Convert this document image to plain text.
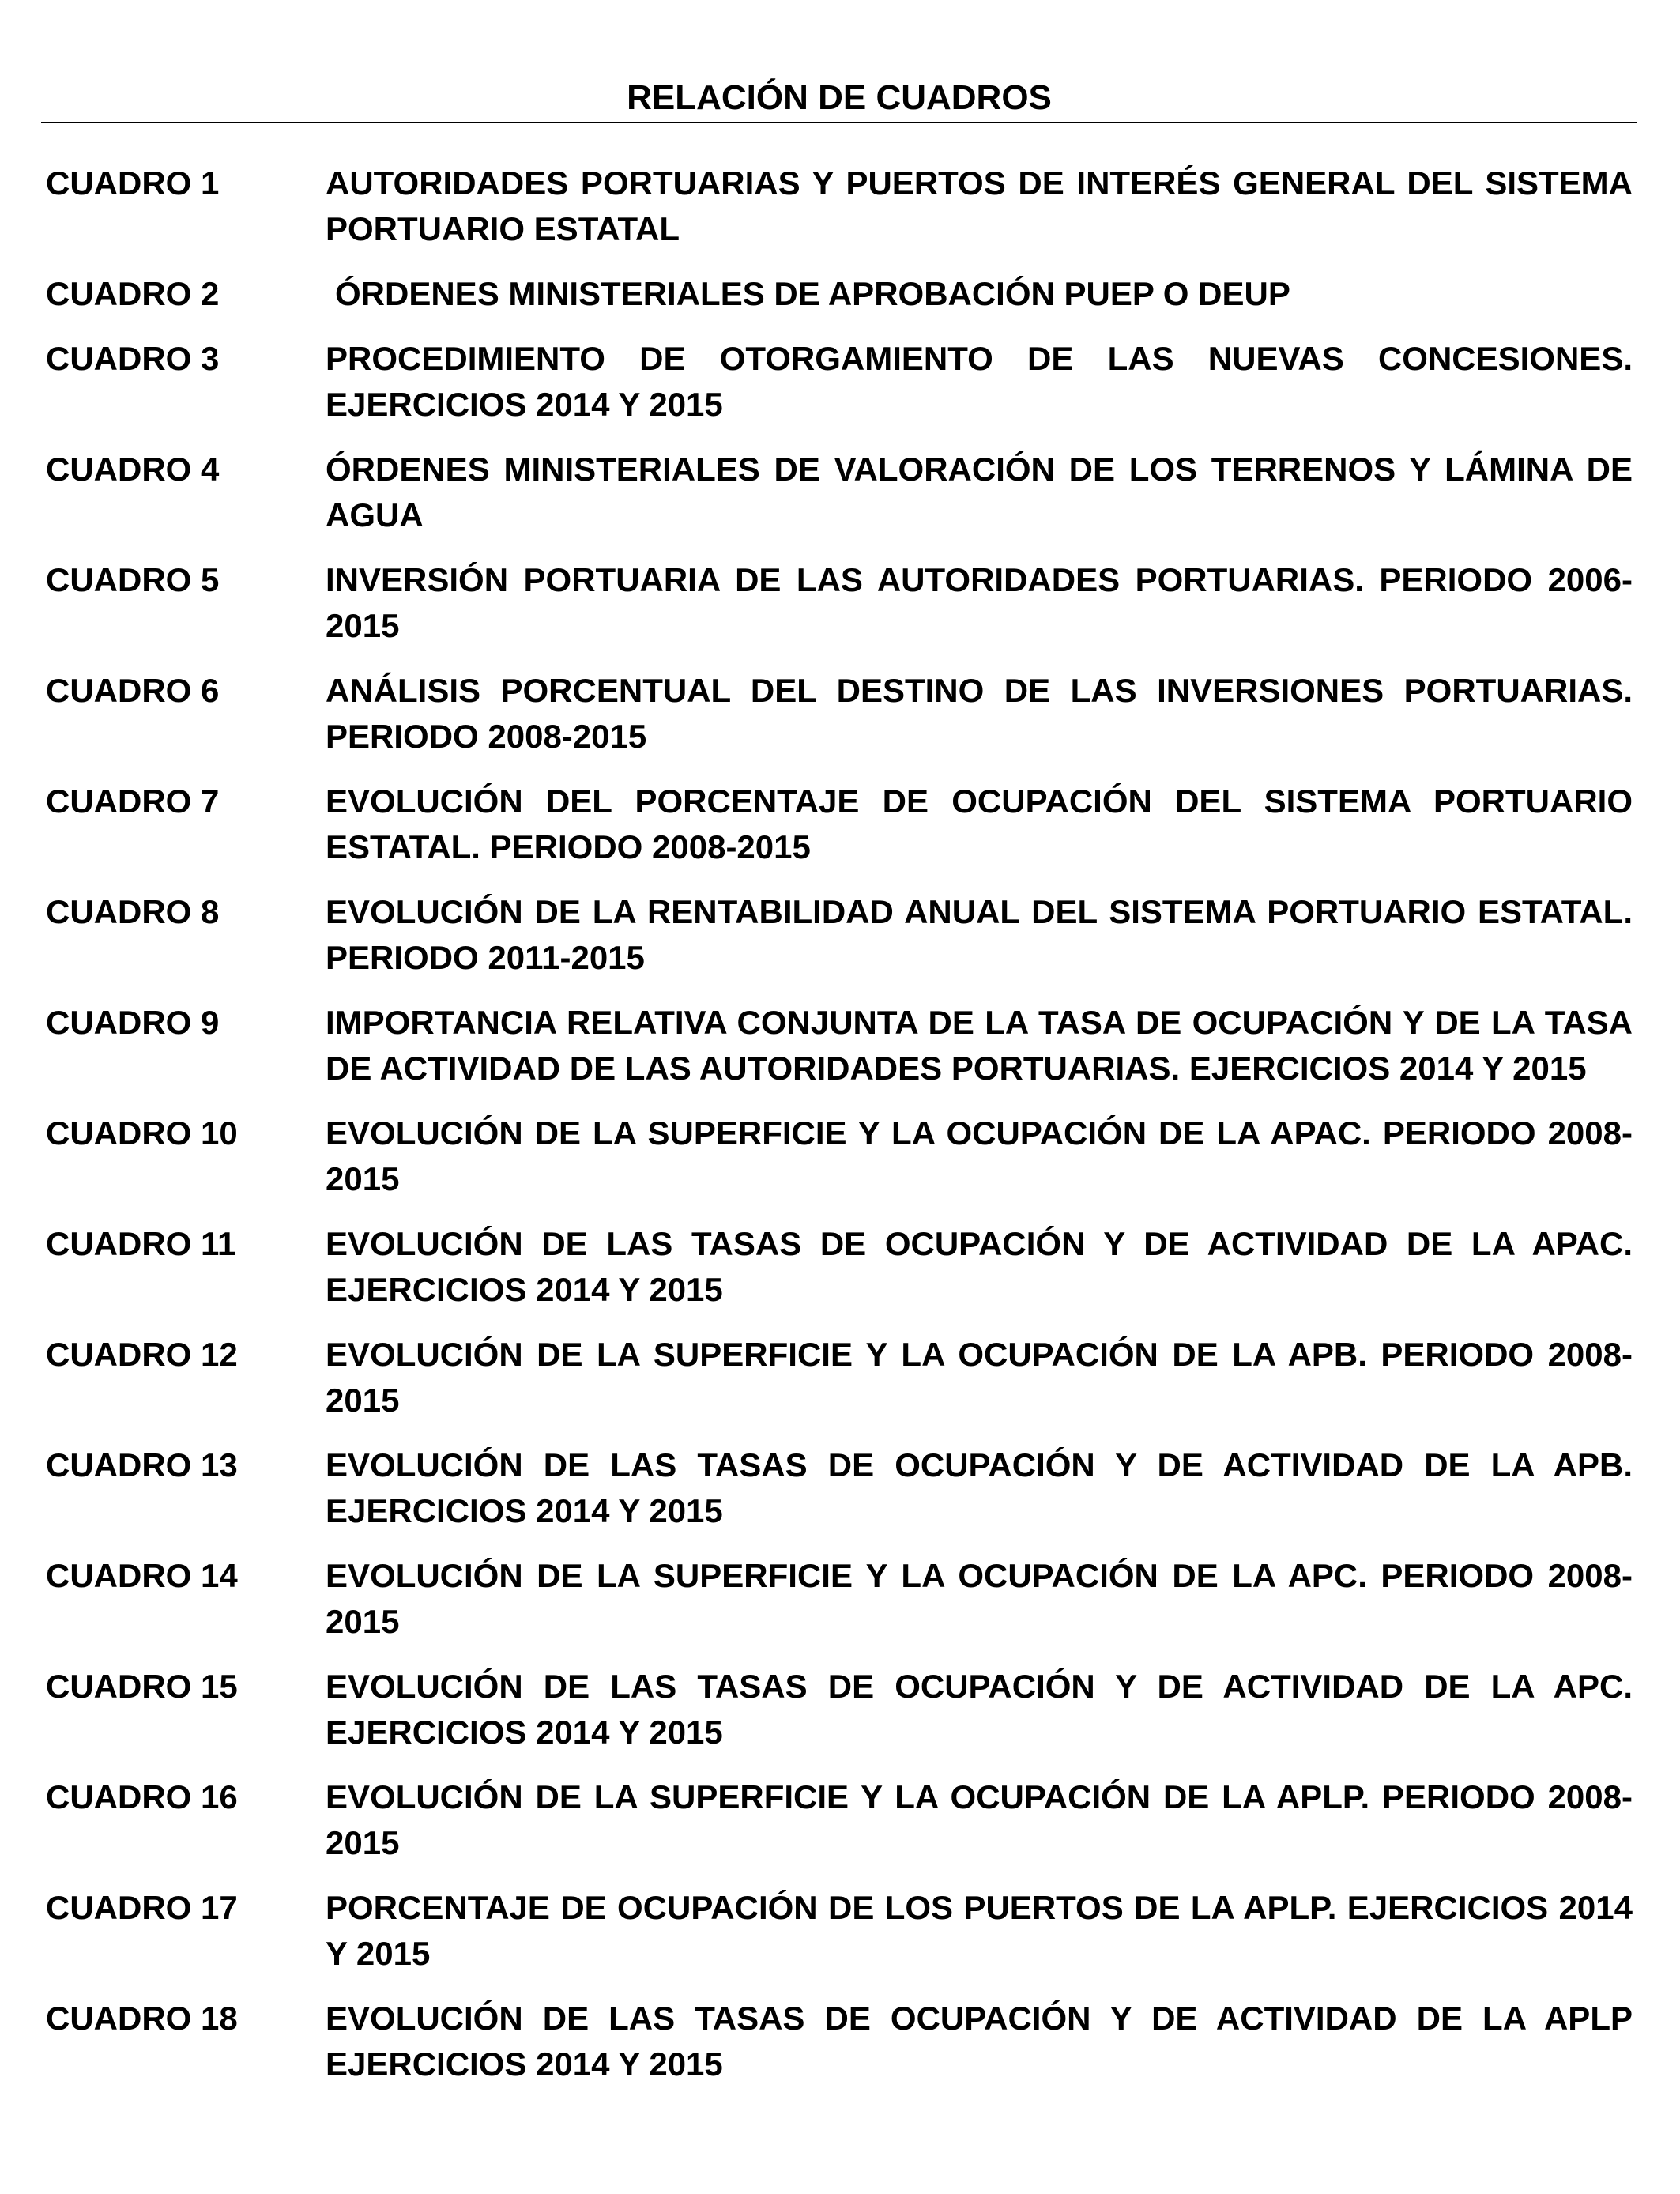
RELACIÓN DE CUADROS
CUADRO 1	AUTORIDADES PORTUARIAS Y PUERTOS DE INTERÉS GENERAL DEL SISTEMA PORTUARIO ESTATAL
CUADRO 2	ÓRDENES MINISTERIALES DE APROBACIÓN PUEP O DEUP
CUADRO 3	PROCEDIMIENTO DE OTORGAMIENTO DE LAS NUEVAS CONCESIONES. EJERCICIOS 2014 Y 2015
CUADRO 4	ÓRDENES MINISTERIALES DE VALORACIÓN DE LOS TERRENOS Y LÁMINA DE AGUA
CUADRO 5	INVERSIÓN PORTUARIA DE LAS AUTORIDADES PORTUARIAS. PERIODO 2006-2015
CUADRO 6	ANÁLISIS PORCENTUAL DEL DESTINO DE LAS INVERSIONES PORTUARIAS. PERIODO 2008-2015
CUADRO 7	EVOLUCIÓN DEL PORCENTAJE DE OCUPACIÓN DEL SISTEMA PORTUARIO ESTATAL. PERIODO 2008-2015
CUADRO 8	EVOLUCIÓN DE LA RENTABILIDAD ANUAL DEL SISTEMA PORTUARIO ESTATAL. PERIODO 2011-2015
CUADRO 9	IMPORTANCIA RELATIVA CONJUNTA DE LA TASA DE OCUPACIÓN Y DE LA TASA DE ACTIVIDAD DE LAS AUTORIDADES PORTUARIAS. EJERCICIOS 2014 Y 2015
CUADRO 10	EVOLUCIÓN DE LA SUPERFICIE Y LA OCUPACIÓN DE LA APAC. PERIODO 2008-2015
CUADRO 11	EVOLUCIÓN DE LAS TASAS DE OCUPACIÓN Y DE ACTIVIDAD DE LA APAC. EJERCICIOS 2014 Y 2015
CUADRO 12	EVOLUCIÓN DE LA SUPERFICIE Y LA OCUPACIÓN DE LA APB. PERIODO 2008-2015
CUADRO 13	EVOLUCIÓN DE LAS TASAS DE OCUPACIÓN Y DE ACTIVIDAD DE LA APB. EJERCICIOS 2014 Y 2015
CUADRO 14	EVOLUCIÓN DE LA SUPERFICIE Y LA OCUPACIÓN DE LA APC. PERIODO 2008-2015
CUADRO 15	EVOLUCIÓN DE LAS TASAS DE OCUPACIÓN Y DE ACTIVIDAD DE LA APC. EJERCICIOS 2014 Y 2015
CUADRO 16	EVOLUCIÓN DE LA SUPERFICIE Y LA OCUPACIÓN DE LA APLP. PERIODO 2008-2015
CUADRO 17	PORCENTAJE DE OCUPACIÓN DE LOS PUERTOS DE LA APLP. EJERCICIOS 2014 Y 2015
CUADRO 18	EVOLUCIÓN DE LAS TASAS DE OCUPACIÓN Y DE ACTIVIDAD DE LA APLP EJERCICIOS 2014 Y 2015
